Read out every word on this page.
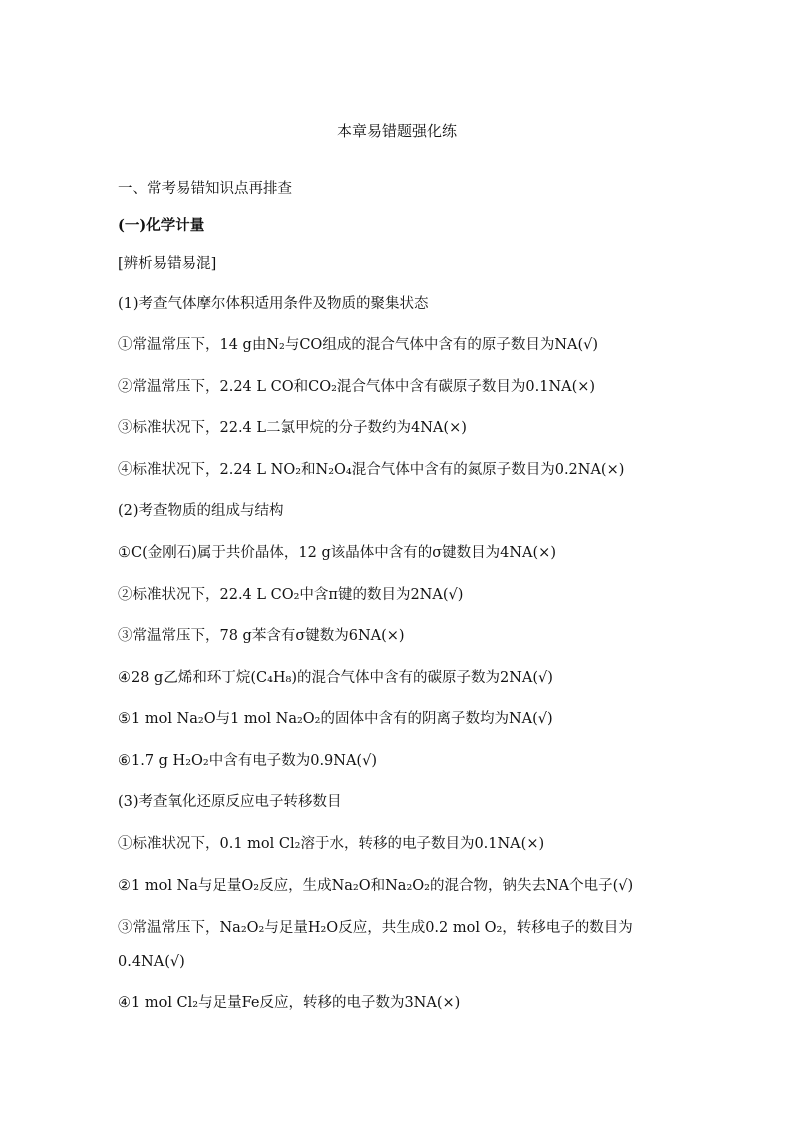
本章易错题强化练
一、常考易错知识点再排查
(一)化学计量
[辨析易错易混]
(1)考查气体摩尔体积适用条件及物质的聚集状态
①常温常压下，14 g由N₂与CO组成的混合气体中含有的原子数目为NA(√)
②常温常压下，2.24 L CO和CO₂混合气体中含有碳原子数目为0.1NA(×)
③标准状况下，22.4 L二氯甲烷的分子数约为4NA(×)
④标准状况下，2.24 L NO₂和N₂O₄混合气体中含有的氮原子数目为0.2NA(×)
(2)考查物质的组成与结构
①C(金刚石)属于共价晶体，12 g该晶体中含有的σ键数目为4NA(×)
②标准状况下，22.4 L CO₂中含π键的数目为2NA(√)
③常温常压下，78 g苯含有σ键数为6NA(×)
④28 g乙烯和环丁烷(C₄H₈)的混合气体中含有的碳原子数为2NA(√)
⑤1 mol Na₂O与1 mol Na₂O₂的固体中含有的阴离子数均为NA(√)
⑥1.7 g H₂O₂中含有电子数为0.9NA(√)
(3)考查氧化还原反应电子转移数目
①标准状况下，0.1 mol Cl₂溶于水，转移的电子数目为0.1NA(×)
②1 mol Na与足量O₂反应，生成Na₂O和Na₂O₂的混合物，钠失去NA个电子(√)
③常温常压下，Na₂O₂与足量H₂O反应，共生成0.2 mol O₂，转移电子的数目为
0.4NA(√)
④1 mol Cl₂与足量Fe反应，转移的电子数为3NA(×)
